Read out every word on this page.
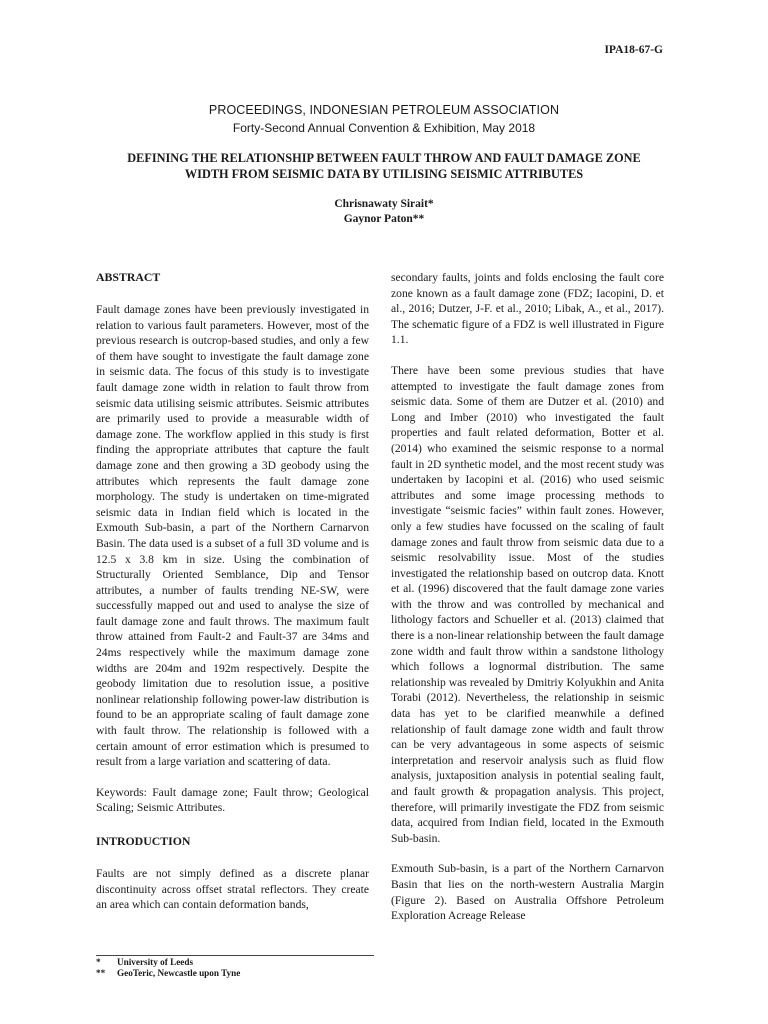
IPA18-67-G
PROCEEDINGS, INDONESIAN PETROLEUM ASSOCIATION
Forty-Second Annual Convention & Exhibition, May 2018
DEFINING THE RELATIONSHIP BETWEEN FAULT THROW AND FAULT DAMAGE ZONE
WIDTH FROM SEISMIC DATA BY UTILISING SEISMIC ATTRIBUTES
Chrisnawaty Sirait*
Gaynor Paton**
ABSTRACT

Fault damage zones have been previously investigated in relation to various fault parameters. However, most of the previous research is outcrop-based studies, and only a few of them have sought to investigate the fault damage zone in seismic data. The focus of this study is to investigate fault damage zone width in relation to fault throw from seismic data utilising seismic attributes. Seismic attributes are primarily used to provide a measurable width of damage zone. The workflow applied in this study is first finding the appropriate attributes that capture the fault damage zone and then growing a 3D geobody using the attributes which represents the fault damage zone morphology. The study is undertaken on time-migrated seismic data in Indian field which is located in the Exmouth Sub-basin, a part of the Northern Carnarvon Basin. The data used is a subset of a full 3D volume and is 12.5 x 3.8 km in size. Using the combination of Structurally Oriented Semblance, Dip and Tensor attributes, a number of faults trending NE-SW, were successfully mapped out and used to analyse the size of fault damage zone and fault throws. The maximum fault throw attained from Fault-2 and Fault-37 are 34ms and 24ms respectively while the maximum damage zone widths are 204m and 192m respectively. Despite the geobody limitation due to resolution issue, a positive nonlinear relationship following power-law distribution is found to be an appropriate scaling of fault damage zone with fault throw. The relationship is followed with a certain amount of error estimation which is presumed to result from a large variation and scattering of data.

Keywords: Fault damage zone; Fault throw; Geological Scaling; Seismic Attributes.

INTRODUCTION

Faults are not simply defined as a discrete planar discontinuity across offset stratal reflectors. They create an area which can contain deformation bands,

secondary faults, joints and folds enclosing the fault core zone known as a fault damage zone (FDZ; Iacopini, D. et al., 2016; Dutzer, J-F. et al., 2010; Libak, A., et al., 2017). The schematic figure of a FDZ is well illustrated in Figure 1.1.

There have been some previous studies that have attempted to investigate the fault damage zones from seismic data. Some of them are Dutzer et al. (2010) and Long and Imber (2010) who investigated the fault properties and fault related deformation, Botter et al. (2014) who examined the seismic response to a normal fault in 2D synthetic model, and the most recent study was undertaken by Iacopini et al. (2016) who used seismic attributes and some image processing methods to investigate “seismic facies” within fault zones. However, only a few studies have focussed on the scaling of fault damage zones and fault throw from seismic data due to a seismic resolvability issue. Most of the studies investigated the relationship based on outcrop data. Knott et al. (1996) discovered that the fault damage zone varies with the throw and was controlled by mechanical and lithology factors and Schueller et al. (2013) claimed that there is a non-linear relationship between the fault damage zone width and fault throw within a sandstone lithology which follows a lognormal distribution. The same relationship was revealed by Dmitriy Kolyukhin and Anita Torabi (2012). Nevertheless, the relationship in seismic data has yet to be clarified meanwhile a defined relationship of fault damage zone width and fault throw can be very advantageous in some aspects of seismic interpretation and reservoir analysis such as fluid flow analysis, juxtaposition analysis in potential sealing fault, and fault growth & propagation analysis. This project, therefore, will primarily investigate the FDZ from seismic data, acquired from Indian field, located in the Exmouth Sub-basin.

Exmouth Sub-basin, is a part of the Northern Carnarvon Basin that lies on the north-western Australia Margin (Figure 2). Based on Australia Offshore Petroleum Exploration Acreage Release

* University of Leeds
** GeoTeric, Newcastle upon Tyne
